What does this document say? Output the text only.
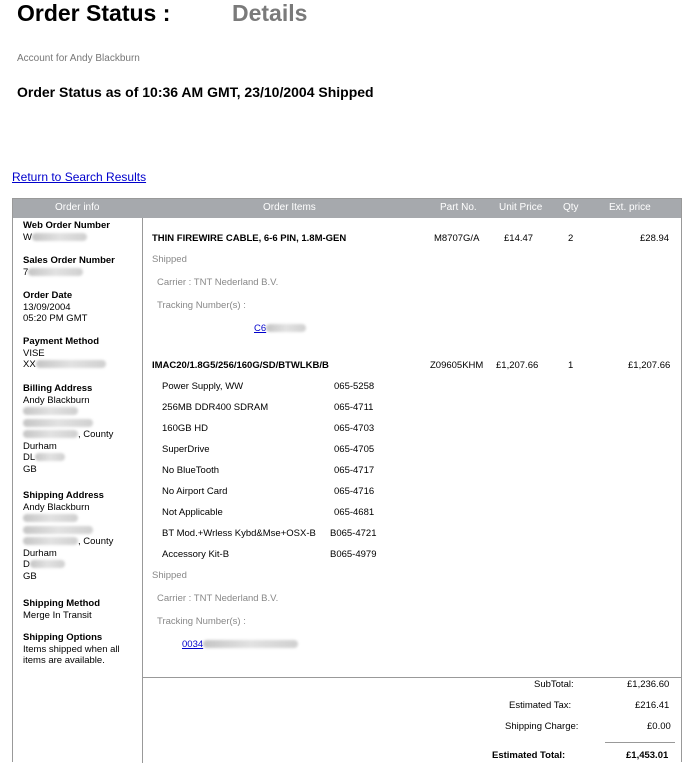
Order Status :	Details
Account for Andy Blackburn
Order Status as of 10:36 AM GMT, 23/10/2004 Shipped
Return to Search Results
Order info	Order Items	Part No. Unit Price Qty	Ext. price
Web Order Number
W
Sales Order Number
7
Order Date
13/09/2004
05:20 PM GMT
Payment Method
VISE
XX
Billing Address
Andy Blackburn
, County
Durham
DL
GB
Shipping Address
Andy Blackburn
, County
Durham
D
GB
Shipping Method
Merge In Transit
Shipping Options
Items shipped when all items are available.
THIN FIREWIRE CABLE, 6-6 PIN, 1.8M-GEN	M8707G/A	£14.47	2	£28.94
Shipped
Carrier : TNT Nederland B.V.
Tracking Number(s) :
C6
IMAC20/1.8G5/256/160G/SD/BTWLKB/B	Z09605KHM £1,207.66	1	£1,207.66
Power Supply, WW	065-5258
256MB DDR400 SDRAM	065-4711
160GB HD	065-4703
SuperDrive	065-4705
No BlueTooth	065-4717
No Airport Card	065-4716
Not Applicable	065-4681
BT Mod.+Wrless Kybd&Mse+OSX-B B065-4721
Accessory Kit-B	B065-4979
Shipped
Carrier : TNT Nederland B.V.
Tracking Number(s) :
0034
SubTotal:	£1,236.60
Estimated Tax:	£216.41
Shipping Charge:	£0.00
Estimated Total:	£1,453.01
